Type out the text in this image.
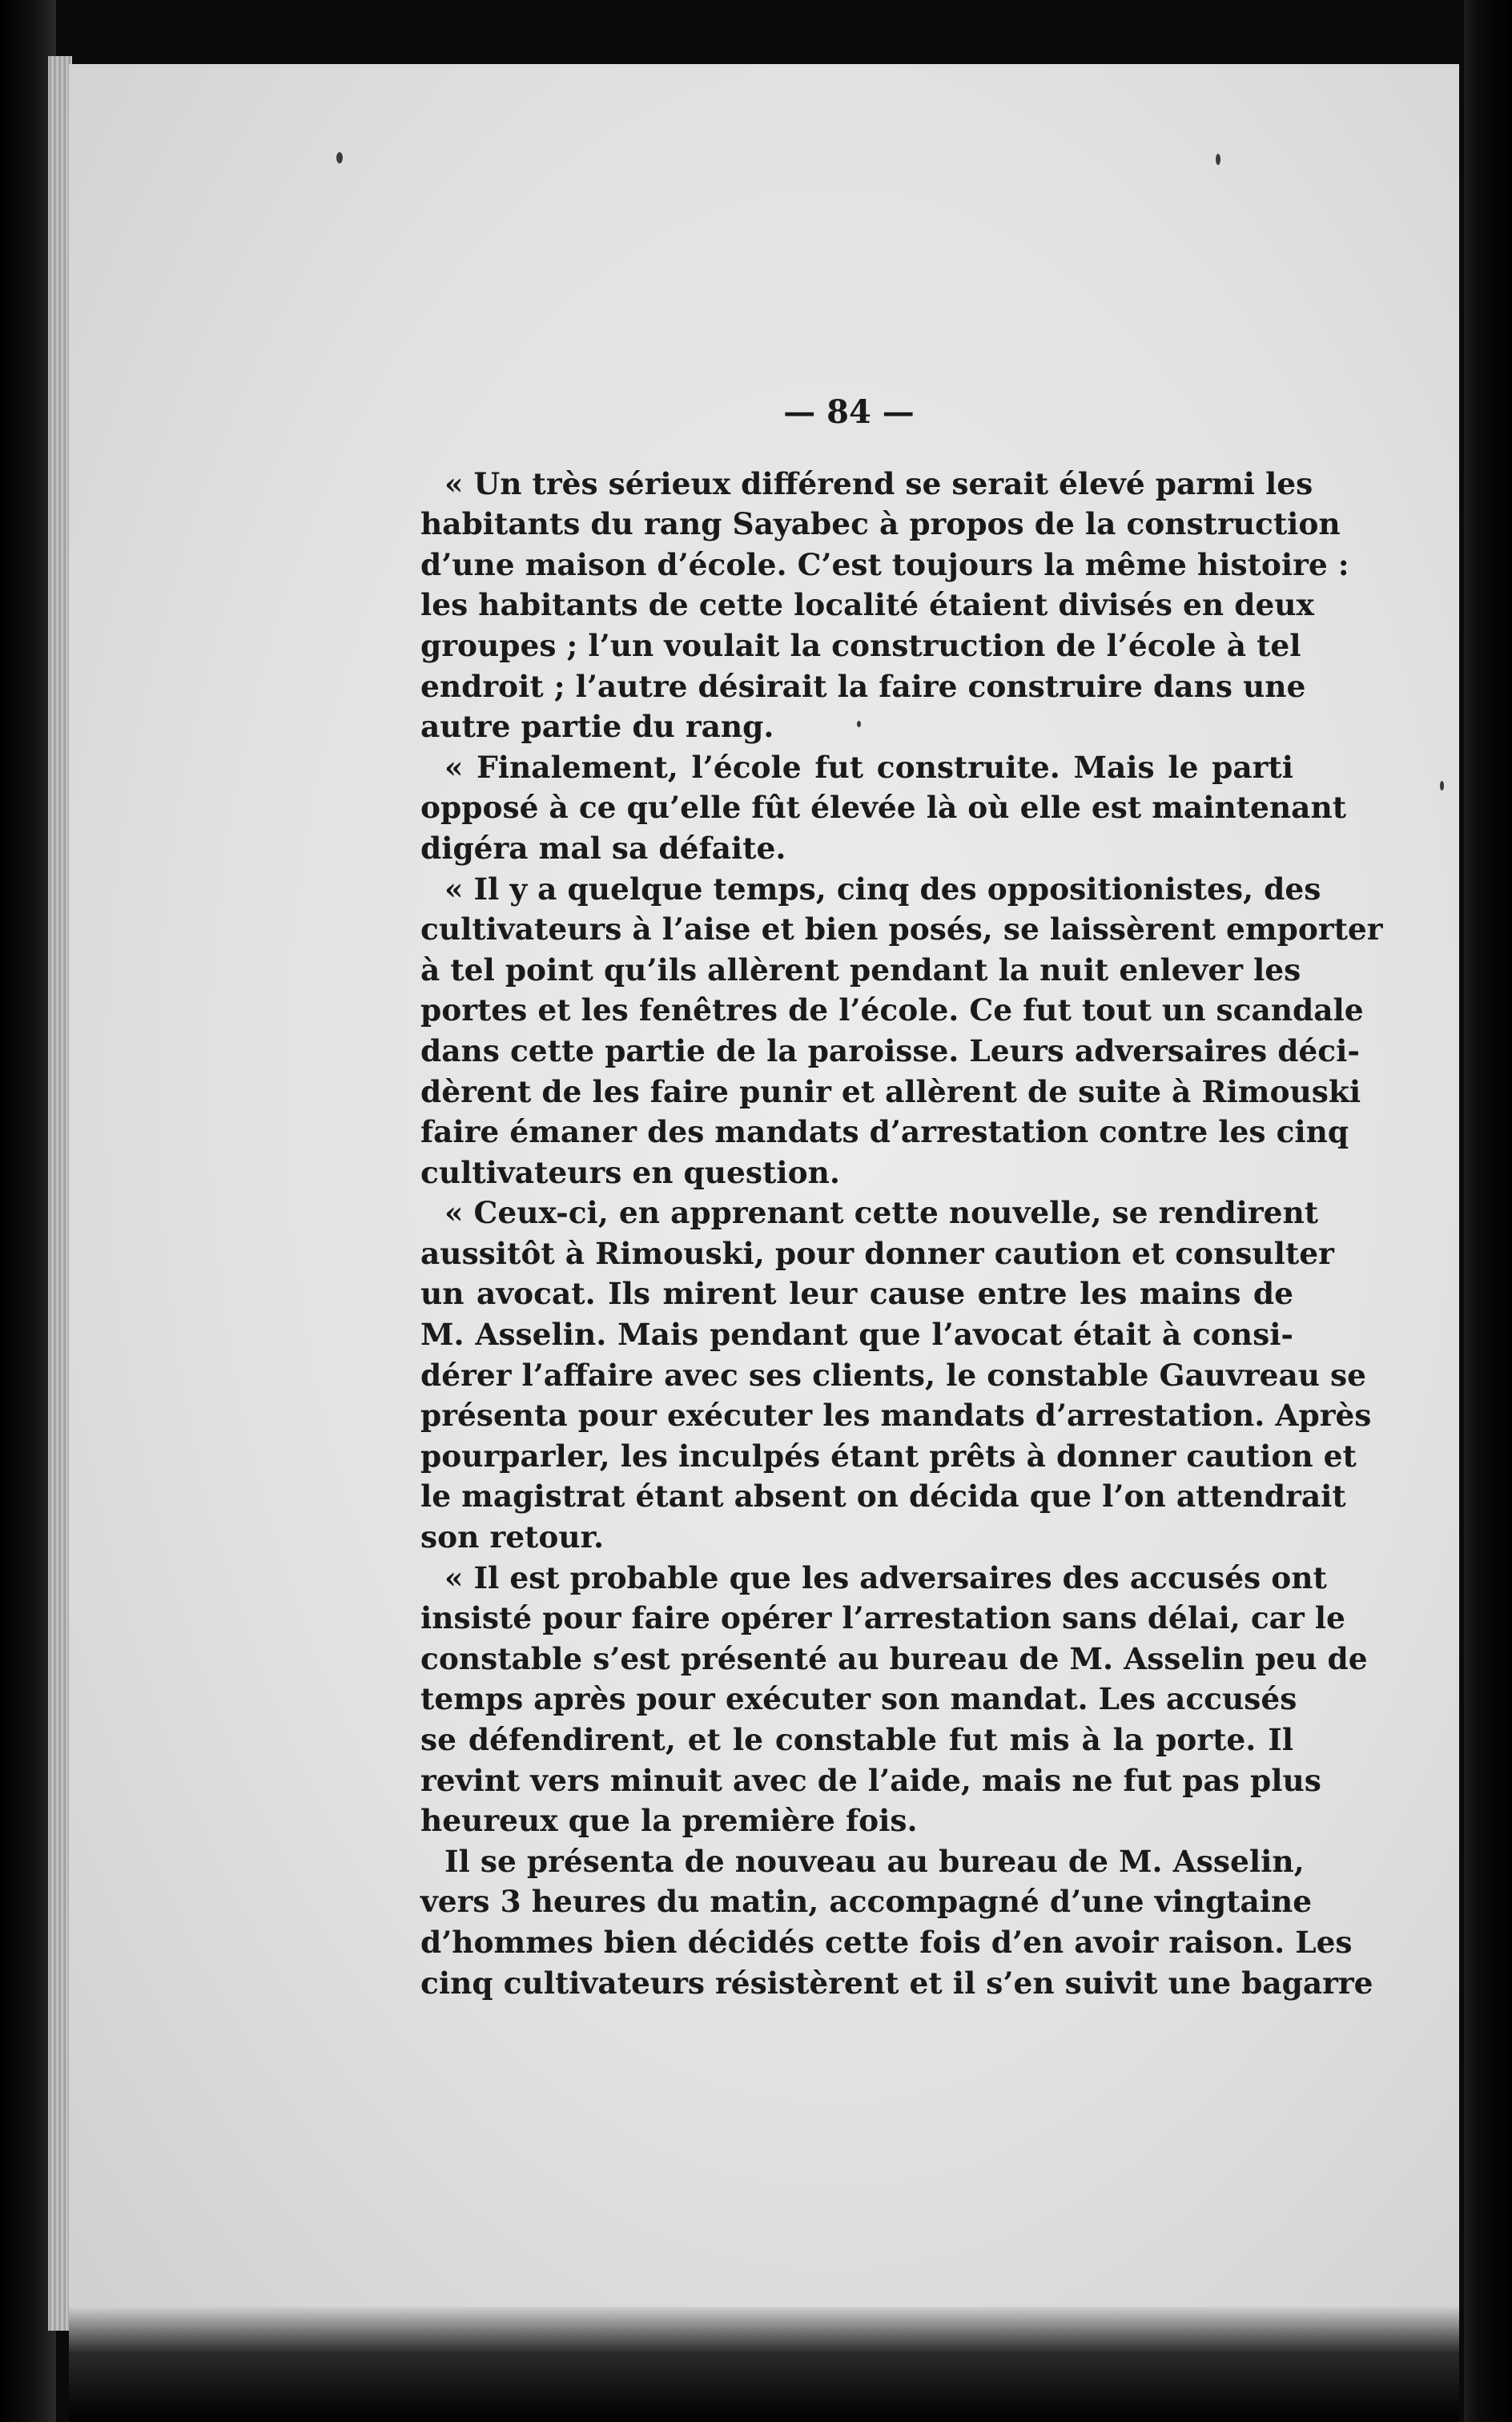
— 84 —
« Un très sérieux différend se serait élevé parmi les
habitants du rang Sayabec à propos de la construction
d’une maison d’école. C’est toujours la même histoire :
les habitants de cette localité étaient divisés en deux
groupes ; l’un voulait la construction de l’école à tel
endroit ; l’autre désirait la faire construire dans une
autre partie du rang.
« Finalement, l’école fut construite. Mais le parti
opposé à ce qu’elle fût élevée là où elle est maintenant
digéra mal sa défaite.
« Il y a quelque temps, cinq des oppositionistes, des
cultivateurs à l’aise et bien posés, se laissèrent emporter
à tel point qu’ils allèrent pendant la nuit enlever les
portes et les fenêtres de l’école. Ce fut tout un scandale
dans cette partie de la paroisse. Leurs adversaires déci-
dèrent de les faire punir et allèrent de suite à Rimouski
faire émaner des mandats d’arrestation contre les cinq
cultivateurs en question.
« Ceux-ci, en apprenant cette nouvelle, se rendirent
aussitôt à Rimouski, pour donner caution et consulter
un avocat. Ils mirent leur cause entre les mains de
M. Asselin. Mais pendant que l’avocat était à consi-
dérer l’affaire avec ses clients, le constable Gauvreau se
présenta pour exécuter les mandats d’arrestation. Après
pourparler, les inculpés étant prêts à donner caution et
le magistrat étant absent on décida que l’on attendrait
son retour.
« Il est probable que les adversaires des accusés ont
insisté pour faire opérer l’arrestation sans délai, car le
constable s’est présenté au bureau de M. Asselin peu de
temps après pour exécuter son mandat. Les accusés
se défendirent, et le constable fut mis à la porte. Il
revint vers minuit avec de l’aide, mais ne fut pas plus
heureux que la première fois.
Il se présenta de nouveau au bureau de M. Asselin,
vers 3 heures du matin, accompagné d’une vingtaine
d’hommes bien décidés cette fois d’en avoir raison. Les
cinq cultivateurs résistèrent et il s’en suivit une bagarre
